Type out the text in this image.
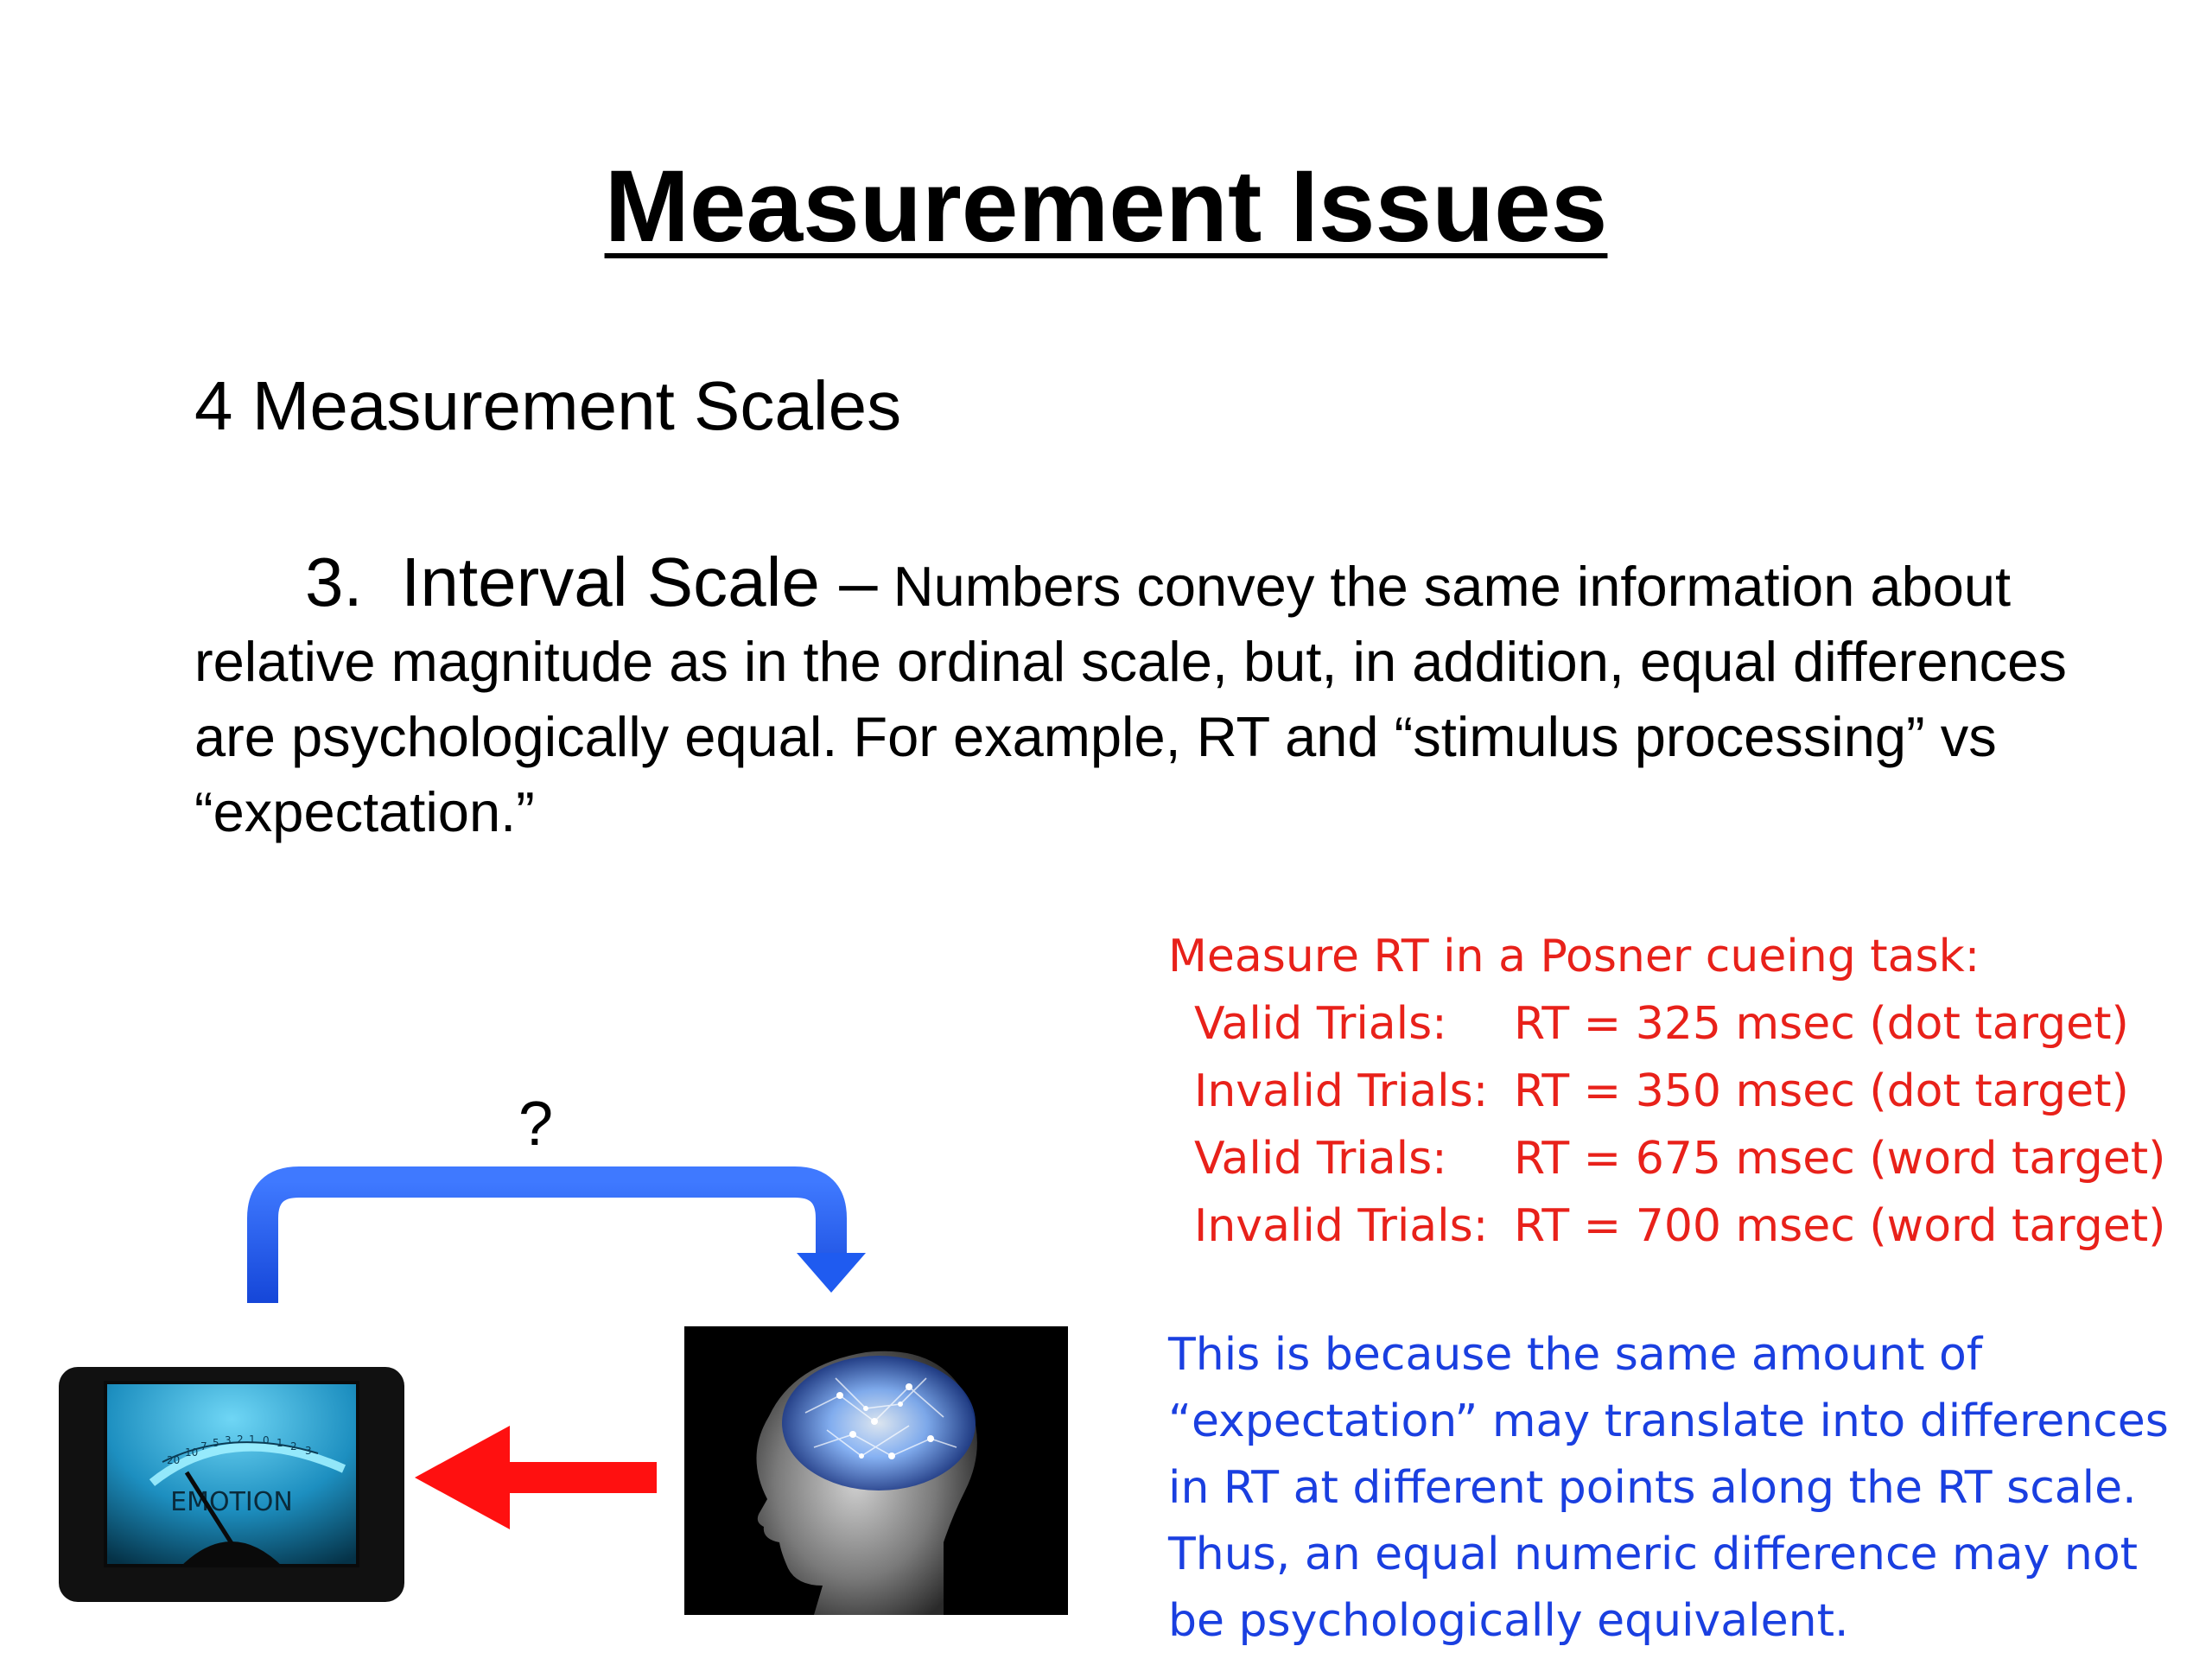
Measurement Issues
4 Measurement Scales
3. Interval Scale – Numbers convey the same information about relative magnitude as in the ordinal scale, but, in addition, equal differences are psychologically equal. For example, RT and “stimulus processing” vs “expectation.”
Measure RT in a Posner cueing task:
Valid Trials: RT = 325 msec (dot target)
Invalid Trials: RT = 350 msec (dot target)
Valid Trials: RT = 675 msec (word target)
Invalid Trials: RT = 700 msec (word target)
This is because the same amount of “expectation” may translate into differences in RT at different points along the RT scale. Thus, an equal numeric difference may not be psychologically equivalent.
?
20
10 7 5 3 2 1 0 1 2 3
EMOTION
